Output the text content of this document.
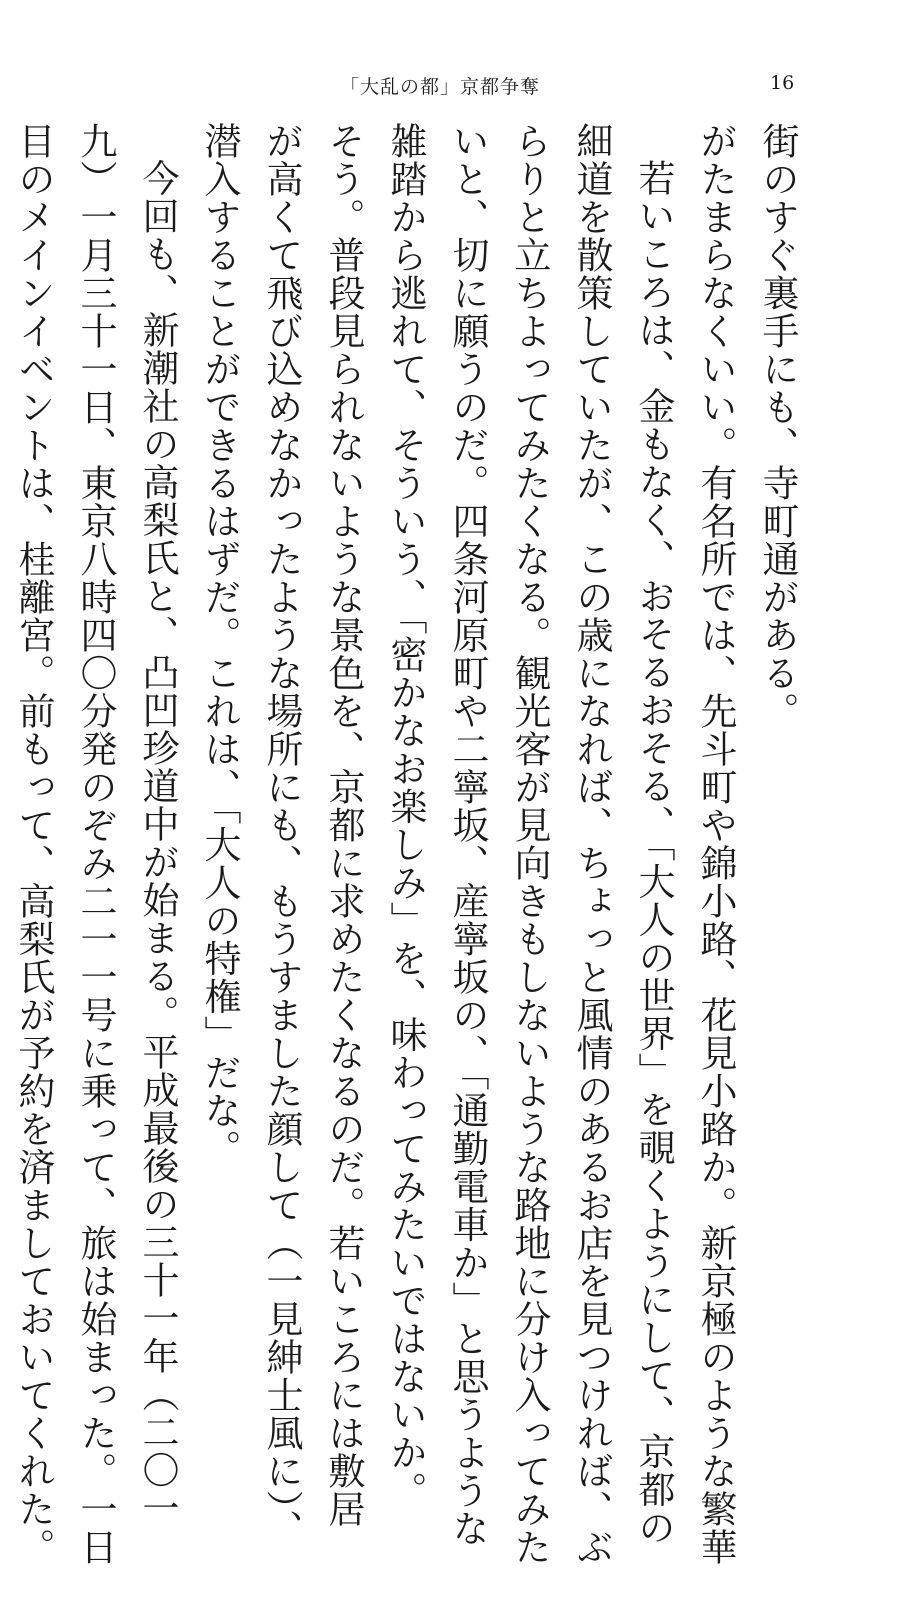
「大乱の都」京都争奪	16
街のすぐ裏手にも、寺町通がある。
がたまらなくいい。有名所では、先斗町や錦小路、花見小路か。新京極のような繁華
若いころは、金もなく、おそるおそる、「大人の世界」を覗くようにして、京都の
細道を散策していたが、この歳になれば、ちょっと風情のあるお店を見つければ、ぶ
らりと立ちよってみたくなる。観光客が見向きもしないような路地に分け入ってみた
いと、切に願うのだ。四条河原町や二寧坂、産寧坂の、「通勤電車か」と思うような
雑踏から逃れて、そういう、「密かなお楽しみ」を、味わってみたいではないか。
そう。普段見られないような景色を、京都に求めたくなるのだ。若いころには敷居
が高くて飛び込めなかったような場所にも、もうすました顔して（一見紳士風に）、
潜入することができるはずだ。これは、「大人の特権」だな。
今回も、新潮社の高梨氏と、凸凹珍道中が始まる。平成最後の三十一年（二〇一
九）一月三十一日、東京八時四〇分発のぞみ二一一号に乗って、旅は始まった。一日
目のメインイベントは、桂離宮。前もって、高梨氏が予約を済ましておいてくれた。
